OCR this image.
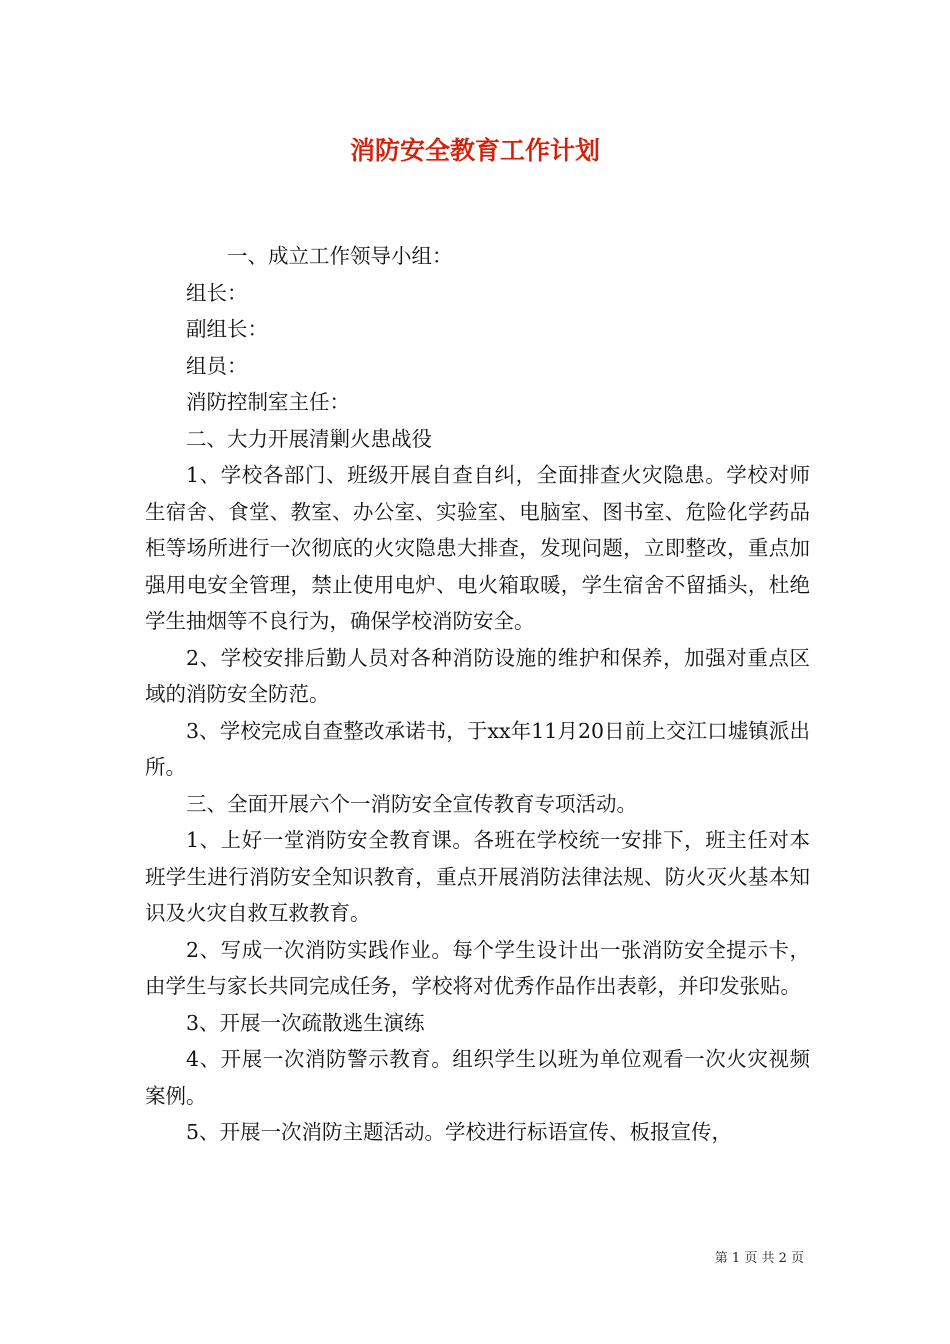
消防安全教育工作计划

一、成立工作领导小组：

组长：

副组长：

组员：

消防控制室主任：

二、大力开展清剿火患战役

1、学校各部门、班级开展自查自纠，全面排查火灾隐患。学校对师生宿舍、食堂、教室、办公室、实验室、电脑室、图书室、危险化学药品柜等场所进行一次彻底的火灾隐患大排查，发现问题，立即整改，重点加强用电安全管理，禁止使用电炉、电火箱取暖，学生宿舍不留插头，杜绝学生抽烟等不良行为，确保学校消防安全。

2、学校安排后勤人员对各种消防设施的维护和保养，加强对重点区域的消防安全防范。

3、学校完成自查整改承诺书，于xx年11月20日前上交江口墟镇派出所。

三、全面开展六个一消防安全宣传教育专项活动。

1、上好一堂消防安全教育课。各班在学校统一安排下，班主任对本班学生进行消防安全知识教育，重点开展消防法律法规、防火灭火基本知识及火灾自救互救教育。

2、写成一次消防实践作业。每个学生设计出一张消防安全提示卡，由学生与家长共同完成任务，学校将对优秀作品作出表彰，并印发张贴。

3、开展一次疏散逃生演练

4、开展一次消防警示教育。组织学生以班为单位观看一次火灾视频案例。

5、开展一次消防主题活动。学校进行标语宣传、板报宣传，

第 1 页 共 2 页
